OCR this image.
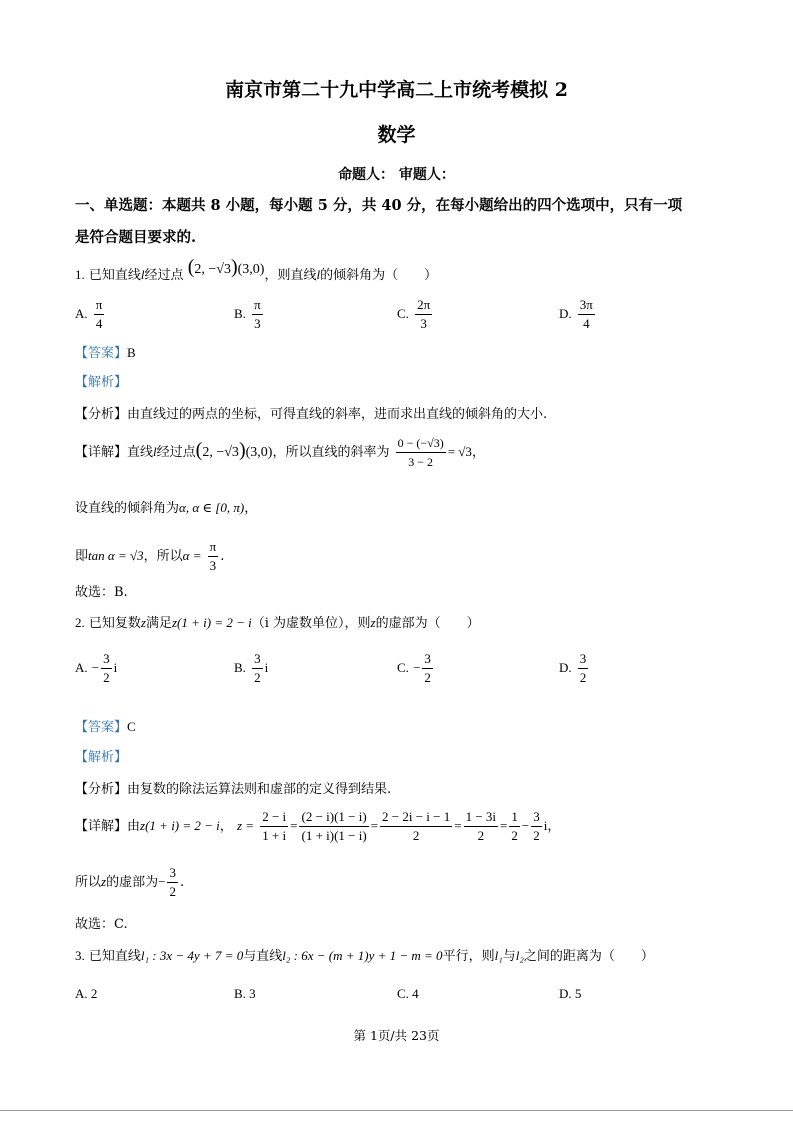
南京市第二十九中学高二上市统考模拟 2
数学
命题人： 审题人：
一、单选题：本题共 8 小题，每小题 5 分，共 40 分，在每小题给出的四个选项中，只有一项
是符合题目要求的.
1. 已知直线l经过点 (2, −√3)(3,0)，则直线l的倾斜角为（　　）
A. $\frac{\pi}{4}$	B. $\frac{\pi}{3}$	C. $\frac{2\pi}{3}$	D. $\frac{3\pi}{4}$
【答案】B
【解析】
【分析】由直线过的两点的坐标，可得直线的斜率，进而求出直线的倾斜角的大小.
【详解】直线l经过点(2, −√3)(3,0)，所以直线的斜率为 $\frac{0 - (-√3)}{3 - 2} = √3$，
设直线的倾斜角为α, α ∈ [0, π)，
即tan α = √3，所以$\alpha = \frac{\pi}{3}$ .
故选：B.
2. 已知复数z满足z(1 + i) = 2 − i（i 为虚数单位），则z的虚部为（　　）
A. − $\frac{3}{2}$ i	B. $\frac{3}{2}$ i	C. − $\frac{3}{2}$	D. $\frac{3}{2}$
【答案】C
【解析】
【分析】由复数的除法运算法则和虚部的定义得到结果.
【详解】由z(1 + i) = 2 − i， $z = \frac{2 - i}{1 + i} = \frac{(2 - i)(1 - i)}{(1 + i)(1 - i)} = \frac{2 - 2i - i - 1}{2} = \frac{1 - 3i}{2} = \frac{1}{2} - \frac{3}{2}$ i，
所以z的虚部为− $\frac{3}{2}$ .
故选：C.
3. 已知直线l₁ : 3x − 4y + 7 = 0与直线l₂ : 6x − (m + 1)y + 1 − m = 0平行，则l₁与l₂之间的距离为（　　）
A. 2	B. 3	C. 4	D. 5
第 1页/共 23页
